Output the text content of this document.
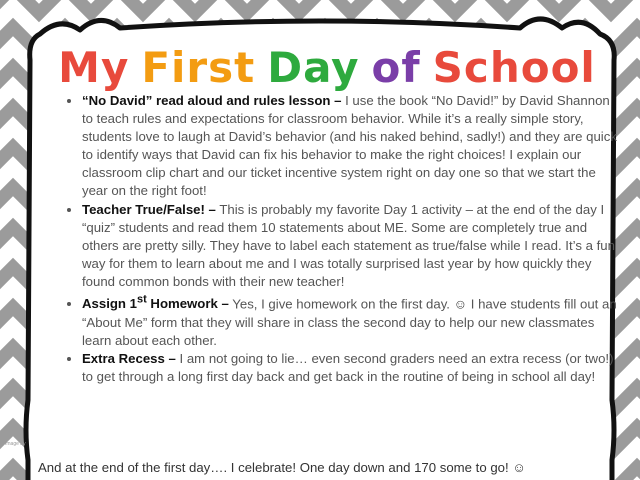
My First Day of School
• “No David” read aloud and rules lesson – I use the book “No David!” by David Shannon to teach rules and expectations for classroom behavior. While it’s a really simple story, students love to laugh at David’s behavior (and his naked behind, sadly!) and they are quick to identify ways that David can fix his behavior to make the right choices! I explain our classroom clip chart and our ticket incentive system right on day one so that we start the year on the right foot!
• Teacher True/False! – This is probably my favorite Day 1 activity – at the end of the day I “quiz” students and read them 10 statements about ME. Some are completely true and others are pretty silly. They have to label each statement as true/false while I read. It’s a fun way for them to learn about me and I was totally surprised last year by how quickly they found common bonds with their new teacher!
• Assign 1st Homework – Yes, I give homework on the first day. ☺ I have students fill out an “About Me” form that they will share in class the second day to help our new classmates learn about each other.
• Extra Recess – I am not going to lie… even second graders need an extra recess (or two!) to get through a long first day back and get back in the routine of being in school all day!

And at the end of the first day…. I celebrate! One day down and 170 some to go! ☺

Image by
